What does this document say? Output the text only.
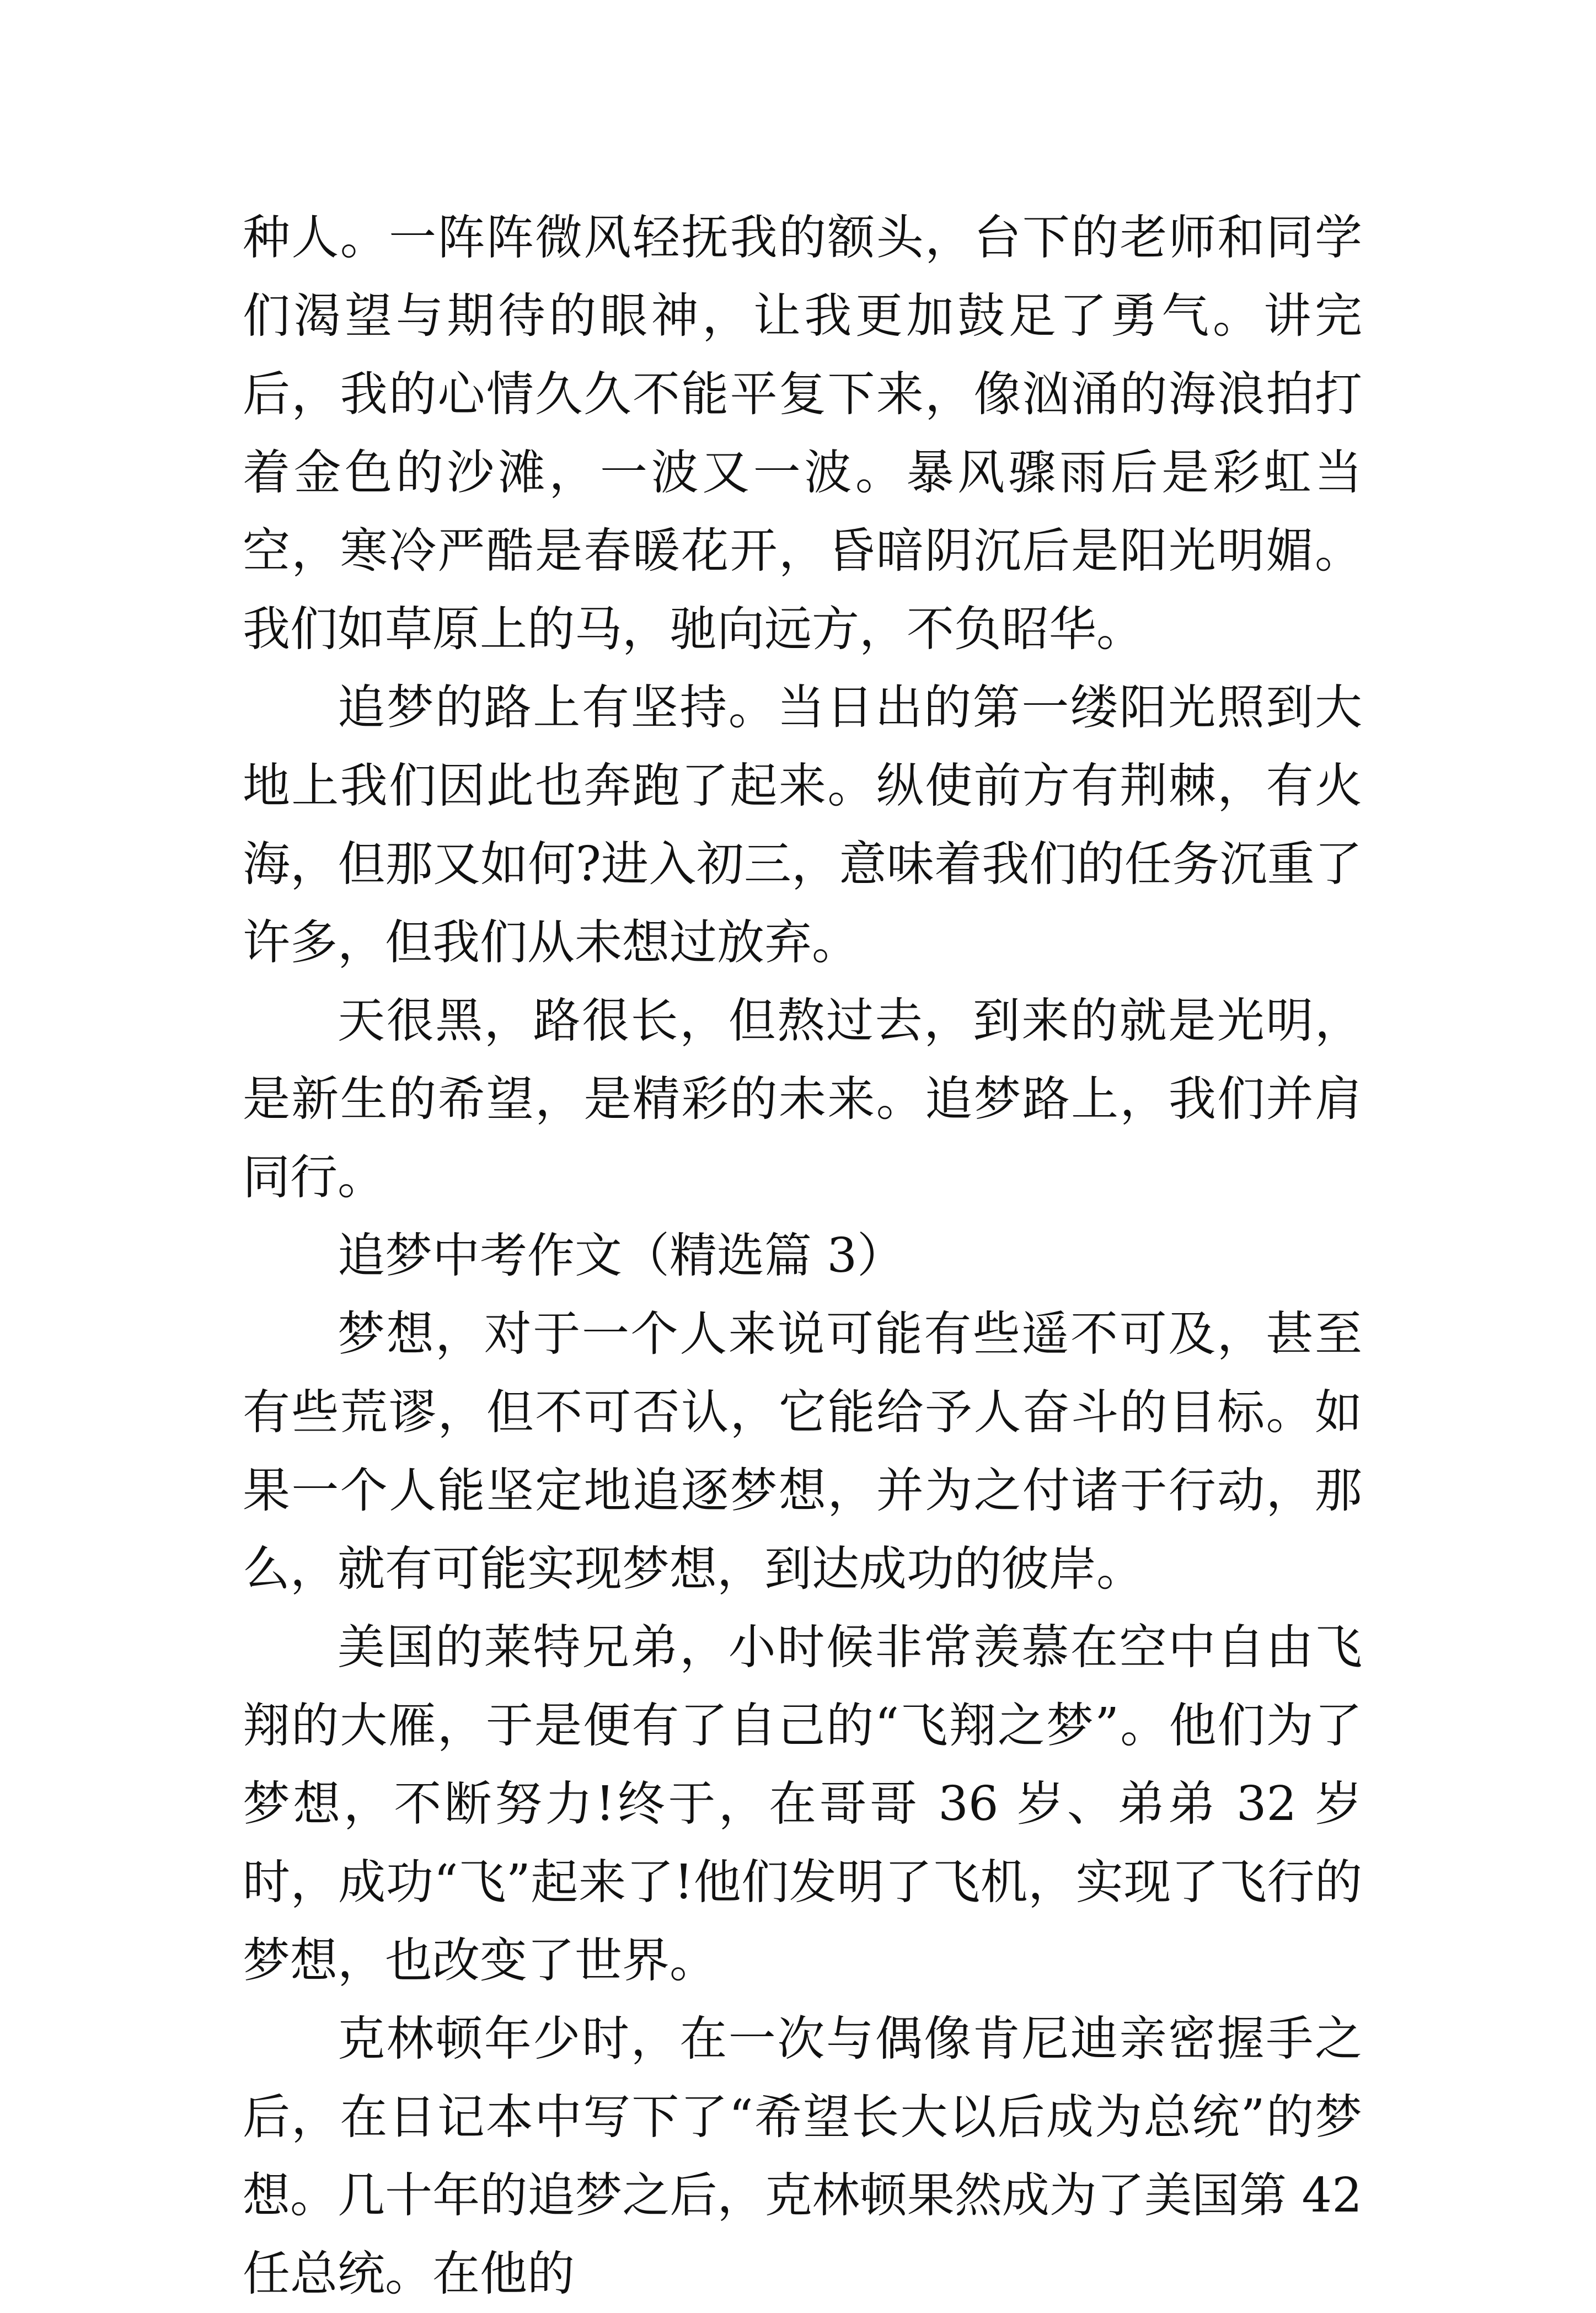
种人。一阵阵微风轻抚我的额头，台下的老师和同学们渴望与期待的眼神，让我更加鼓足了勇气。讲完后，我的心情久久不能平复下来，像汹涌的海浪拍打着金色的沙滩，一波又一波。暴风骤雨后是彩虹当空，寒冷严酷是春暖花开，昏暗阴沉后是阳光明媚。我们如草原上的马，驰向远方，不负昭华。

追梦的路上有坚持。当日出的第一缕阳光照到大地上我们因此也奔跑了起来。纵使前方有荆棘，有火海，但那又如何?进入初三，意味着我们的任务沉重了许多，但我们从未想过放弃。

天很黑，路很长，但熬过去，到来的就是光明，是新生的希望，是精彩的未来。追梦路上，我们并肩同行。

追梦中考作文（精选篇 3）

梦想，对于一个人来说可能有些遥不可及，甚至有些荒谬，但不可否认，它能给予人奋斗的目标。如果一个人能坚定地追逐梦想，并为之付诸于行动，那么，就有可能实现梦想，到达成功的彼岸。

美国的莱特兄弟，小时候非常羡慕在空中自由飞翔的大雁，于是便有了自己的“飞翔之梦”。他们为了梦想，不断努力!终于，在哥哥 36 岁、弟弟 32 岁时，成功“飞”起来了!他们发明了飞机，实现了飞行的梦想，也改变了世界。

克林顿年少时，在一次与偶像肯尼迪亲密握手之后，在日记本中写下了“希望长大以后成为总统”的梦想。几十年的追梦之后，克林顿果然成为了美国第 42 任总统。在他的
